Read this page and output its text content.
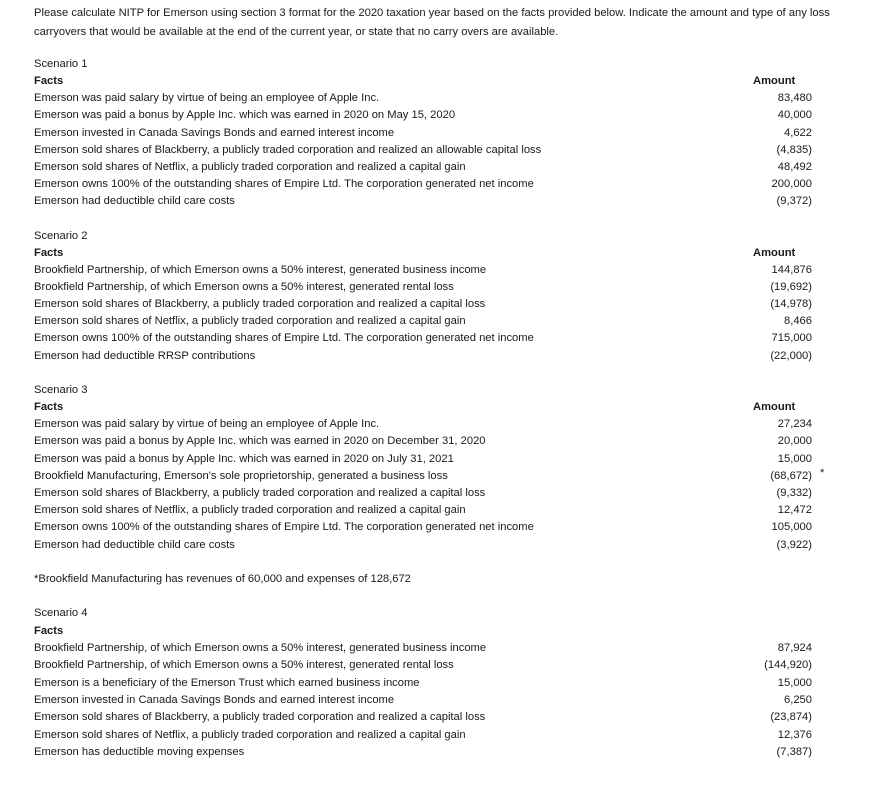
Please calculate NITP for Emerson using section 3 format for the 2020 taxation year based on the facts provided below. Indicate the amount and type of any loss carryovers that would be available at the end of the current year, or state that no carry overs are available.
Scenario 1
Facts	Amount
Emerson was paid salary by virtue of being an employee of Apple Inc.	83,480
Emerson was paid a bonus by Apple Inc. which was earned in 2020 on May 15, 2020	40,000
Emerson invested in Canada Savings Bonds and earned interest income	4,622
Emerson sold shares of Blackberry, a publicly traded corporation and realized an allowable capital loss	(4,835)
Emerson sold shares of Netflix, a publicly traded corporation and realized a capital gain	48,492
Emerson owns 100% of the outstanding shares of Empire Ltd. The corporation generated net income	200,000
Emerson had deductible child care costs	(9,372)
Scenario 2
Facts	Amount
Brookfield Partnership, of which Emerson owns a 50% interest, generated business income	144,876
Brookfield Partnership, of which Emerson owns a 50% interest, generated rental loss	(19,692)
Emerson sold shares of Blackberry, a publicly traded corporation and realized a capital loss	(14,978)
Emerson sold shares of Netflix, a publicly traded corporation and realized a capital gain	8,466
Emerson owns 100% of the outstanding shares of Empire Ltd. The corporation generated net income	715,000
Emerson had deductible RRSP contributions	(22,000)
Scenario 3
Facts	Amount
Emerson was paid salary by virtue of being an employee of Apple Inc.	27,234
Emerson was paid a bonus by Apple Inc. which was earned in 2020 on December 31, 2020	20,000
Emerson was paid a bonus by Apple Inc. which was earned in 2020 on July 31, 2021	15,000
Brookfield Manufacturing, Emerson's sole proprietorship, generated a business loss	(68,672) *
Emerson sold shares of Blackberry, a publicly traded corporation and realized a capital loss	(9,332)
Emerson sold shares of Netflix, a publicly traded corporation and realized a capital gain	12,472
Emerson owns 100% of the outstanding shares of Empire Ltd. The corporation generated net income	105,000
Emerson had deductible child care costs	(3,922)
*Brookfield Manufacturing has revenues of 60,000 and expenses of 128,672
Scenario 4
Facts
Brookfield Partnership, of which Emerson owns a 50% interest, generated business income	87,924
Brookfield Partnership, of which Emerson owns a 50% interest, generated rental loss	(144,920)
Emerson is a beneficiary of the Emerson Trust which earned business income	15,000
Emerson invested in Canada Savings Bonds and earned interest income	6,250
Emerson sold shares of Blackberry, a publicly traded corporation and realized a capital loss	(23,874)
Emerson sold shares of Netflix, a publicly traded corporation and realized a capital gain	12,376
Emerson has deductible moving expenses	(7,387)
